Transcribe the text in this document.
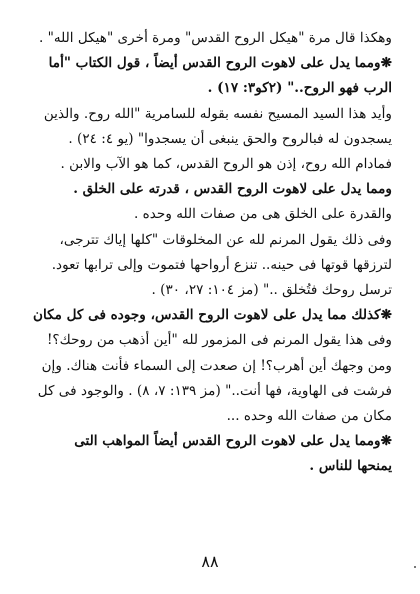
وهكذا قال مرة "هيكل الروح القدس" ومرة أخرى "هيكل الله" .
❋ومما يدل على لاهوت الروح القدس أيضاً ، قول الكتاب "أما
الرب فهو الروح.." (٢كو٣: ١٧) .
وأيد هذا السيد المسيح نفسه بقوله للسامرية "الله روح. والذين
يسجدون له فبالروح والحق ينبغى أن يسجدوا" (يو ٤: ٢٤) .
فمادام الله روح، إذن هو الروح القدس، كما هو الآب والابن .
ومما يدل على لاهوت الروح القدس ، قدرته على الخلق .
والقدرة على الخلق هى من صفات الله وحده .
وفى ذلك يقول المرنم لله عن المخلوقات "كلها إياك تترجى،
لترزقها قوتها فى حينه.. تنزع أرواحها فتموت وإلى ترابها تعود.
ترسل روحك فتُخلق .." (مز ١٠٤: ٢٧، ٣٠) .
❋كذلك مما يدل على لاهوت الروح القدس، وجوده فى كل مكان
وفى هذا يقول المرنم فى المزمور لله "أين أذهب من روحك؟!
ومن وجهك أين أهرب؟! إن صعدت إلى السماء فأنت هناك. وإن
فرشت فى الهاوية، فها أنت.." (مز ١٣٩: ٧، ٨) . والوجود فى كل
مكان من صفات الله وحده ...
❋ومما يدل على لاهوت الروح القدس أيضاً المواهب التى
يمنحها للناس .
٨٨
